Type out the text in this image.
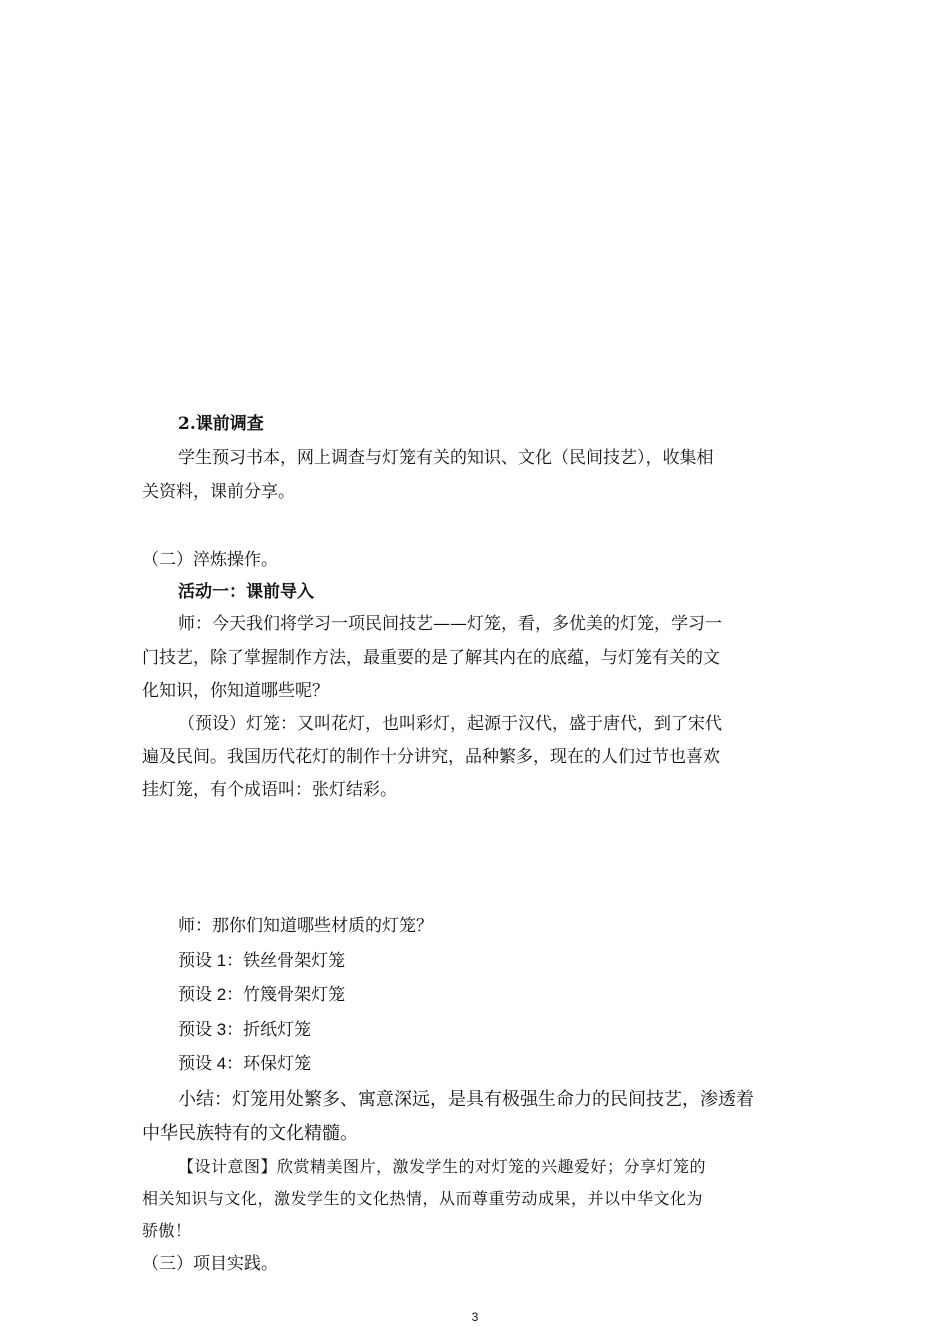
2.课前调查
学生预习书本，网上调查与灯笼有关的知识、文化（民间技艺），收集相
关资料，课前分享。
（二）淬炼操作。
活动一：课前导入
师：今天我们将学习一项民间技艺——灯笼，看，多优美的灯笼，学习一
门技艺，除了掌握制作方法，最重要的是了解其内在的底蕴，与灯笼有关的文
化知识，你知道哪些呢？
（预设）灯笼：又叫花灯，也叫彩灯，起源于汉代，盛于唐代，到了宋代
遍及民间。我国历代花灯的制作十分讲究，品种繁多，现在的人们过节也喜欢
挂灯笼，有个成语叫：张灯结彩。
师：那你们知道哪些材质的灯笼？
预设 1：铁丝骨架灯笼
预设 2：竹篾骨架灯笼
预设 3：折纸灯笼
预设 4：环保灯笼
小结：灯笼用处繁多、寓意深远，是具有极强生命力的民间技艺，渗透着
中华民族特有的文化精髓。
【设计意图】欣赏精美图片，激发学生的对灯笼的兴趣爱好；分享灯笼的
相关知识与文化，激发学生的文化热情，从而尊重劳动成果，并以中华文化为
骄傲！
（三）项目实践。
3
